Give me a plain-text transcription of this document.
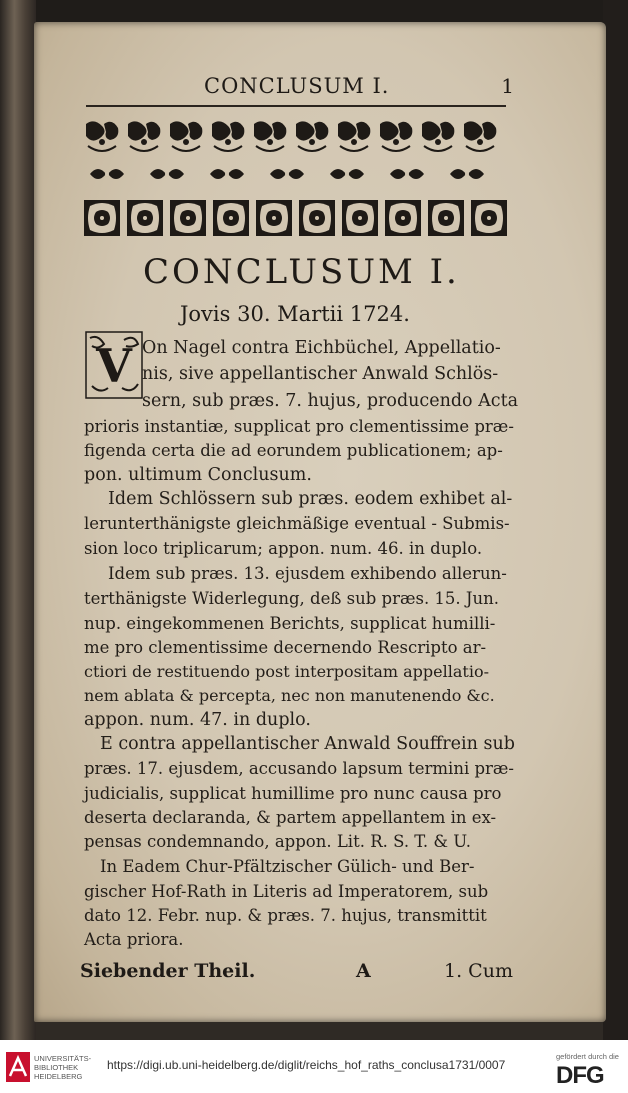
CONCLUSUM I.	1
CONCLUSUM I.
Jovis 30. Martii 1724.
V On Nagel contra Eichbüchel, Appellatio-
nis, sive appellantischer Anwald Schlös-
sern, sub præs. 7. hujus, producendo Acta
prioris instantiæ, supplicat pro clementissime præ-
figenda certa die ad eorundem publicationem; ap-
pon. ultimum Conclusum.
Idem Schlössern sub præs. eodem exhibet al-
lerunterthänigste gleichmäßige eventual - Submis-
sion loco triplicarum; appon. num. 46. in duplo.
Idem sub præs. 13. ejusdem exhibendo allerun-
terthänigste Widerlegung, deß sub præs. 15. Jun.
nup. eingekommenen Berichts, supplicat humilli-
me pro clementissime decernendo Rescripto ar-
ctiori de restituendo post interpositam appellatio-
nem ablata & percepta, nec non manutenendo &c.
appon. num. 47. in duplo.
E contra appellantischer Anwald Souffrein sub
præs. 17. ejusdem, accusando lapsum termini præ-
judicialis, supplicat humillime pro nunc causa pro
deserta declaranda, & partem appellantem in ex-
pensas condemnando, appon. Lit. R. S. T. & U.
In Eadem Chur-Pfältzischer Gülich- und Ber-
gischer Hof-Rath in Literis ad Imperatorem, sub
dato 12. Febr. nup. & præs. 7. hujus, transmittit
Acta priora.
Siebender Theil.	A	1. Cum
UNIVERSITÄTS-
BIBLIOTHEK
HEIDELBERG
https://digi.ub.uni-heidelberg.de/diglit/reichs_hof_raths_conclusa1731/0007
gefördert durch die
DFG
